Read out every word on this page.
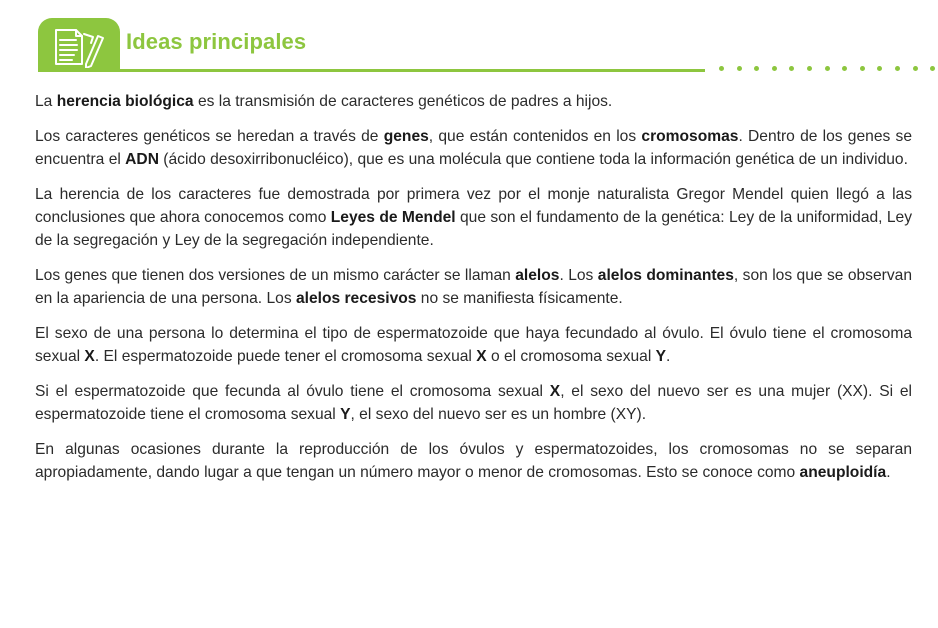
Ideas principales

La herencia biológica es la transmisión de caracteres genéticos de padres a hijos.

Los caracteres genéticos se heredan a través de genes, que están contenidos en los cromosomas. Dentro de los genes se encuentra el ADN (ácido desoxirribonucléico), que es una molécula que contiene toda la información genética de un individuo.

La herencia de los caracteres fue demostrada por primera vez por el monje naturalista Gregor Mendel quien llegó a las conclusiones que ahora conocemos como Leyes de Mendel que son el fundamento de la genética: Ley de la uniformidad, Ley de la segregación y Ley de la segregación independiente.

Los genes que tienen dos versiones de un mismo carácter se llaman alelos. Los alelos dominantes, son los que se observan en la apariencia de una persona. Los alelos recesivos no se manifiesta físicamente.

El sexo de una persona lo determina el tipo de espermatozoide que haya fecundado al óvulo. El óvulo tiene el cromosoma sexual X. El espermatozoide puede tener el cromosoma sexual X o el cromosoma sexual Y.

Si el espermatozoide que fecunda al óvulo tiene el cromosoma sexual X, el sexo del nuevo ser es una mujer (XX). Si el espermatozoide tiene el cromosoma sexual Y, el sexo del nuevo ser es un hombre (XY).

En algunas ocasiones durante la reproducción de los óvulos y espermatozoides, los cromosomas no se separan apropiadamente, dando lugar a que tengan un número mayor o menor de cromosomas. Esto se conoce como aneuploidía.
